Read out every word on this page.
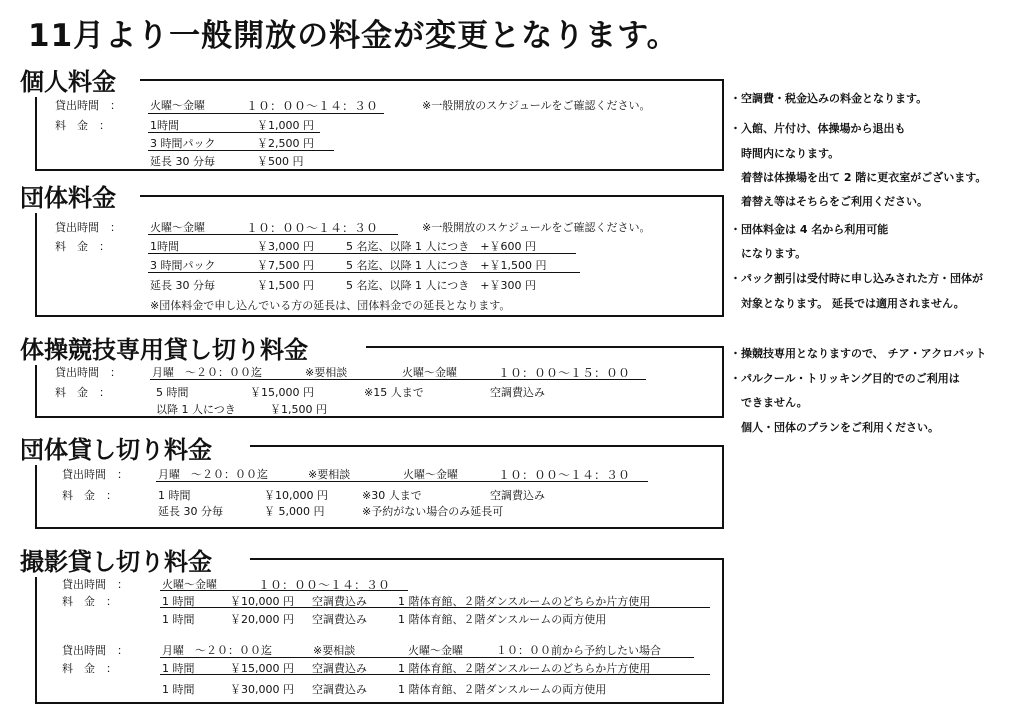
11月より一般開放の料金が変更となります。
個人料金
貸出時間　：	火曜～金曜	１０：００～１４：３０	※一般開放のスケジュールをご確認ください。
料　金　：	1時間	￥1,000 円
3 時間パック	￥2,500 円
延長 30 分毎	￥500 円
団体料金
貸出時間　：	火曜～金曜	１０：００～１４：３０	※一般開放のスケジュールをご確認ください。
料　金　：	1時間	￥3,000 円	5 名迄、以降 1 人につき　+￥600 円
3 時間パック	￥7,500 円	5 名迄、以降 1 人につき　+￥1,500 円
延長 30 分毎	￥1,500 円	5 名迄、以降 1 人につき　+￥300 円
※団体料金で申し込んでいる方の延長は、団体料金での延長となります。
体操競技専用貸し切り料金
貸出時間　：	月曜　～２０：００迄	※要相談	火曜～金曜	１０：００～１５：００
料　金　：	5 時間	￥15,000 円	※15 人まで	空調費込み
以降 1 人につき	￥1,500 円
団体貸し切り料金
貸出時間　：	月曜　～２０：００迄	※要相談	火曜～金曜	１０：００～１４：３０
料　金　：	1 時間	￥10,000 円	※30 人まで	空調費込み
延長 30 分毎	￥ 5,000 円	※予約がない場合のみ延長可
撮影貸し切り料金
貸出時間　：	火曜～金曜	１０：００～１４：３０
料　金　：	1 時間	￥10,000 円 空調費込み	1 階体育館、２階ダンスルームのどちらか片方使用
1 時間	￥20,000 円 空調費込み	1 階体育館、２階ダンスルームの両方使用
貸出時間　：	月曜　～２０：００迄	※要相談	火曜～金曜	１０：００前から予約したい場合
料　金　：	1 時間	￥15,000 円 空調費込み	1 階体育館、２階ダンスルームのどちらか片方使用
1 時間	￥30,000 円 空調費込み	1 階体育館、２階ダンスルームの両方使用
・空調費・税金込みの料金となります。
・入館、片付け、体操場から退出も
　時間内になります。
　着替は体操場を出て 2 階に更衣室がございます。
　着替え等はそちらをご利用ください。
・団体料金は 4 名から利用可能
　になります。
・パック割引は受付時に申し込みされた方・団体が
　対象となります。 延長では適用されません。
・操競技専用となりますので、 チア・アクロバット
・パルクール・トリッキング目的でのご利用は
　できません。
　個人・団体のプランをご利用ください。
